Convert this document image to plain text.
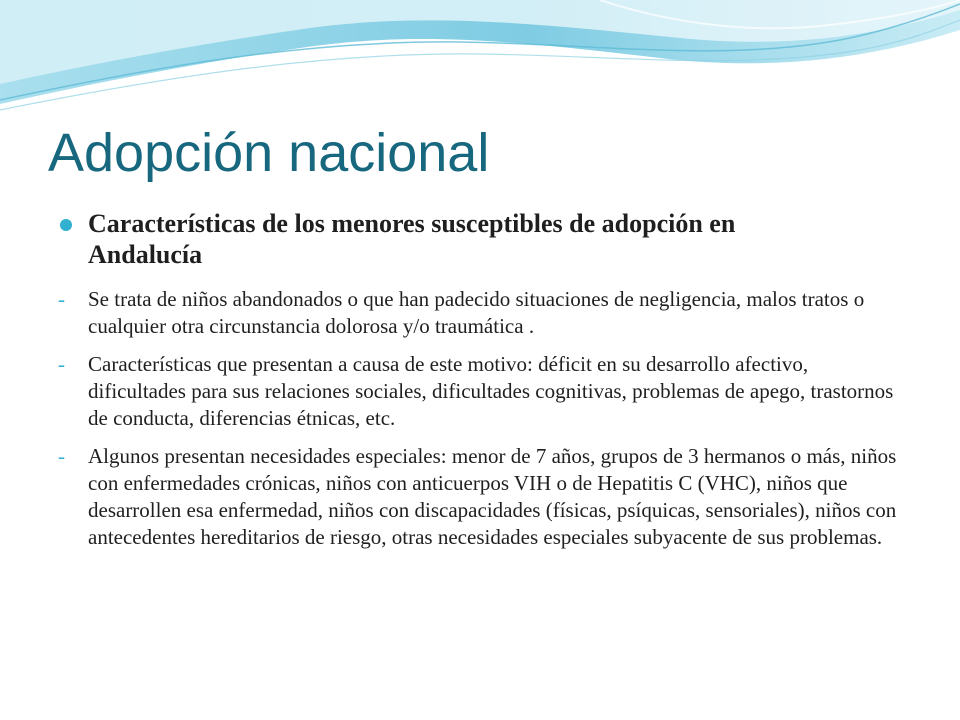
Adopción nacional
Características de los menores susceptibles de adopción en Andalucía
- Se trata de niños abandonados o que han padecido situaciones de negligencia, malos tratos o cualquier otra circunstancia dolorosa y/o traumática .
- Características que presentan a causa de este motivo: déficit en su desarrollo afectivo, dificultades para sus relaciones sociales, dificultades cognitivas, problemas de apego, trastornos de conducta, diferencias étnicas, etc.
- Algunos presentan necesidades especiales: menor de 7 años, grupos de 3 hermanos o más, niños con enfermedades crónicas, niños con anticuerpos VIH o de Hepatitis C (VHC), niños que desarrollen esa enfermedad, niños con discapacidades (físicas, psíquicas, sensoriales), niños con antecedentes hereditarios de riesgo, otras necesidades especiales subyacente de sus problemas.
